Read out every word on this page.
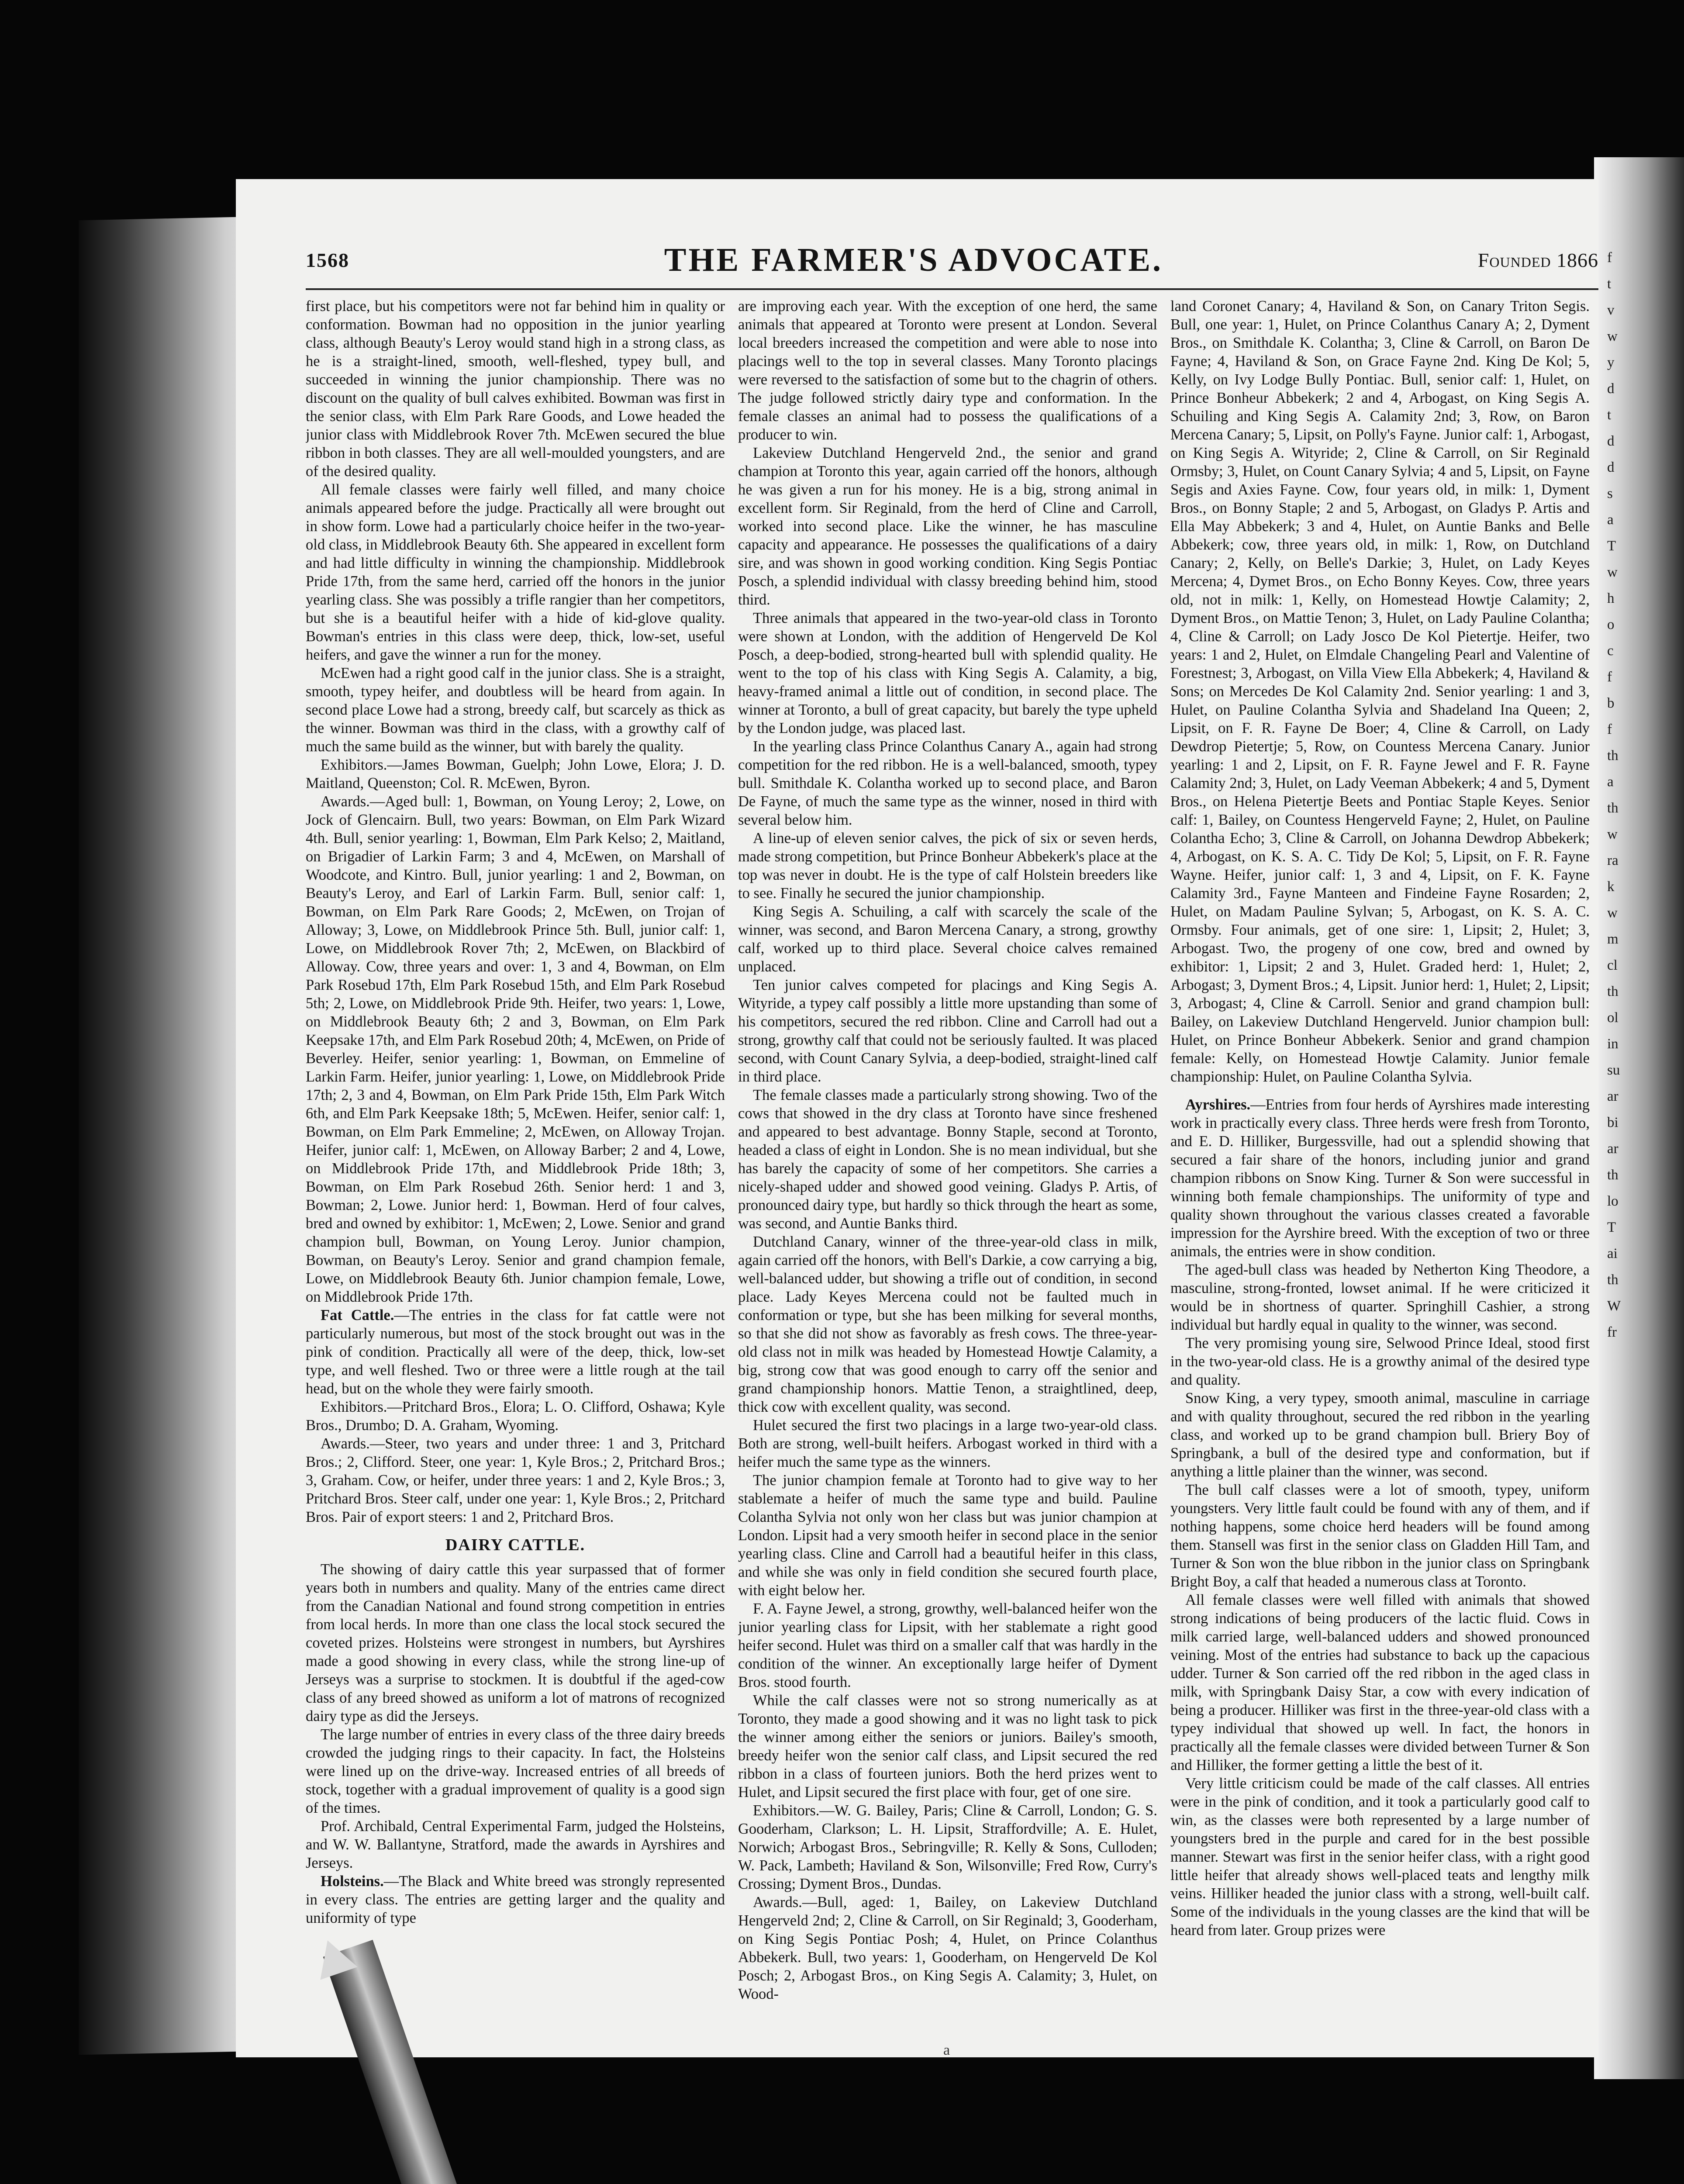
1568	THE FARMER'S ADVOCATE.	Founded 1866

first place, but his competitors were not far behind him in quality or conformation. Bowman had no opposition in the junior yearling class, although Beauty's Leroy would stand high in a strong class, as he is a straight-lined, smooth, well-fleshed, typey bull, and succeeded in winning the junior championship. There was no discount on the quality of bull calves exhibited. Bowman was first in the senior class, with Elm Park Rare Goods, and Lowe headed the junior class with Middlebrook Rover 7th. McEwen secured the blue ribbon in both classes. They are all well-moulded youngsters, and are of the desired quality.

All female classes were fairly well filled, and many choice animals appeared before the judge. Practically all were brought out in show form. Lowe had a particularly choice heifer in the two-year-old class, in Middlebrook Beauty 6th. She appeared in excellent form and had little difficulty in winning the championship. Middlebrook Pride 17th, from the same herd, carried off the honors in the junior yearling class. She was possibly a trifle rangier than her competitors, but she is a beautiful heifer with a hide of kid-glove quality. Bowman's entries in this class were deep, thick, low-set, useful heifers, and gave the winner a run for the money.

McEwen had a right good calf in the junior class. She is a straight, smooth, typey heifer, and doubtless will be heard from again. In second place Lowe had a strong, breedy calf, but scarcely as thick as the winner. Bowman was third in the class, with a growthy calf of much the same build as the winner, but with barely the quality.

Exhibitors.—James Bowman, Guelph; John Lowe, Elora; J. D. Maitland, Queenston; Col. R. McEwen, Byron.

Awards.—Aged bull: 1, Bowman, on Young Leroy; 2, Lowe, on Jock of Glencairn. Bull, two years: Bowman, on Elm Park Wizard 4th. Bull, senior yearling: 1, Bowman, Elm Park Kelso; 2, Maitland, on Brigadier of Larkin Farm; 3 and 4, McEwen, on Marshall of Woodcote, and Kintro. Bull, junior yearling: 1 and 2, Bowman, on Beauty's Leroy, and Earl of Larkin Farm. Bull, senior calf: 1, Bowman, on Elm Park Rare Goods; 2, McEwen, on Trojan of Alloway; 3, Lowe, on Middlebrook Prince 5th. Bull, junior calf: 1, Lowe, on Middlebrook Rover 7th; 2, McEwen, on Blackbird of Alloway. Cow, three years and over: 1, 3 and 4, Bowman, on Elm Park Rosebud 17th, Elm Park Rosebud 15th, and Elm Park Rosebud 5th; 2, Lowe, on Middlebrook Pride 9th. Heifer, two years: 1, Lowe, on Middlebrook Beauty 6th; 2 and 3, Bowman, on Elm Park Keepsake 17th, and Elm Park Rosebud 20th; 4, McEwen, on Pride of Beverley. Heifer, senior yearling: 1, Bowman, on Emmeline of Larkin Farm. Heifer, junior yearling: 1, Lowe, on Middlebrook Pride 17th; 2, 3 and 4, Bowman, on Elm Park Pride 15th, Elm Park Witch 6th, and Elm Park Keepsake 18th; 5, McEwen. Heifer, senior calf: 1, Bowman, on Elm Park Emmeline; 2, McEwen, on Alloway Trojan. Heifer, junior calf: 1, McEwen, on Alloway Barber; 2 and 4, Lowe, on Middlebrook Pride 17th, and Middlebrook Pride 18th; 3, Bowman, on Elm Park Rosebud 26th. Senior herd: 1 and 3, Bowman; 2, Lowe. Junior herd: 1, Bowman. Herd of four calves, bred and owned by exhibitor: 1, McEwen; 2, Lowe. Senior and grand champion bull, Bowman, on Young Leroy. Junior champion, Bowman, on Beauty's Leroy. Senior and grand champion female, Lowe, on Middlebrook Beauty 6th. Junior champion female, Lowe, on Middlebrook Pride 17th.

Fat Cattle.—The entries in the class for fat cattle were not particularly numerous, but most of the stock brought out was in the pink of condition. Practically all were of the deep, thick, low-set type, and well fleshed. Two or three were a little rough at the tail head, but on the whole they were fairly smooth.

Exhibitors.—Pritchard Bros., Elora; L. O. Clifford, Oshawa; Kyle Bros., Drumbo; D. A. Graham, Wyoming.

Awards.—Steer, two years and under three: 1 and 3, Pritchard Bros.; 2, Clifford. Steer, one year: 1, Kyle Bros.; 2, Pritchard Bros.; 3, Graham. Cow, or heifer, under three years: 1 and 2, Kyle Bros.; 3, Pritchard Bros. Steer calf, under one year: 1, Kyle Bros.; 2, Pritchard Bros. Pair of export steers: 1 and 2, Pritchard Bros.

DAIRY CATTLE.

The showing of dairy cattle this year surpassed that of former years both in numbers and quality. Many of the entries came direct from the Canadian National and found strong competition in entries from local herds. In more than one class the local stock secured the coveted prizes. Holsteins were strongest in numbers, but Ayrshires made a good showing in every class, while the strong line-up of Jerseys was a surprise to stockmen. It is doubtful if the aged-cow class of any breed showed as uniform a lot of matrons of recognized dairy type as did the Jerseys.

The large number of entries in every class of the three dairy breeds crowded the judging rings to their capacity. In fact, the Holsteins were lined up on the drive-way. Increased entries of all breeds of stock, together with a gradual improvement of quality is a good sign of the times.

Prof. Archibald, Central Experimental Farm, judged the Holsteins, and W. W. Ballantyne, Stratford, made the awards in Ayrshires and Jerseys.

Holsteins.—The Black and White breed was strongly represented in every class. The entries are getting larger and the quality and uniformity of type

are improving each year. With the exception of one herd, the same animals that appeared at Toronto were present at London. Several local breeders increased the competition and were able to nose into placings well to the top in several classes. Many Toronto placings were reversed to the satisfaction of some but to the chagrin of others. The judge followed strictly dairy type and conformation. In the female classes an animal had to possess the qualifications of a producer to win.

Lakeview Dutchland Hengerveld 2nd., the senior and grand champion at Toronto this year, again carried off the honors, although he was given a run for his money. He is a big, strong animal in excellent form. Sir Reginald, from the herd of Cline and Carroll, worked into second place. Like the winner, he has masculine capacity and appearance. He possesses the qualifications of a dairy sire, and was shown in good working condition. King Segis Pontiac Posch, a splendid individual with classy breeding behind him, stood third.

Three animals that appeared in the two-year-old class in Toronto were shown at London, with the addition of Hengerveld De Kol Posch, a deep-bodied, strong-hearted bull with splendid quality. He went to the top of his class with King Segis A. Calamity, a big, heavy-framed animal a little out of condition, in second place. The winner at Toronto, a bull of great capacity, but barely the type upheld by the London judge, was placed last.

In the yearling class Prince Colanthus Canary A., again had strong competition for the red ribbon. He is a well-balanced, smooth, typey bull. Smithdale K. Colantha worked up to second place, and Baron De Fayne, of much the same type as the winner, nosed in third with several below him.

A line-up of eleven senior calves, the pick of six or seven herds, made strong competition, but Prince Bonheur Abbekerk's place at the top was never in doubt. He is the type of calf Holstein breeders like to see. Finally he secured the junior championship.

King Segis A. Schuiling, a calf with scarcely the scale of the winner, was second, and Baron Mercena Canary, a strong, growthy calf, worked up to third place. Several choice calves remained unplaced.

Ten junior calves competed for placings and King Segis A. Wityride, a typey calf possibly a little more upstanding than some of his competitors, secured the red ribbon. Cline and Carroll had out a strong, growthy calf that could not be seriously faulted. It was placed second, with Count Canary Sylvia, a deep-bodied, straight-lined calf in third place.

The female classes made a particularly strong showing. Two of the cows that showed in the dry class at Toronto have since freshened and appeared to best advantage. Bonny Staple, second at Toronto, headed a class of eight in London. She is no mean individual, but she has barely the capacity of some of her competitors. She carries a nicely-shaped udder and showed good veining. Gladys P. Artis, of pronounced dairy type, but hardly so thick through the heart as some, was second, and Auntie Banks third.

Dutchland Canary, winner of the three-year-old class in milk, again carried off the honors, with Bell's Darkie, a cow carrying a big, well-balanced udder, but showing a trifle out of condition, in second place. Lady Keyes Mercena could not be faulted much in conformation or type, but she has been milking for several months, so that she did not show as favorably as fresh cows. The three-year-old class not in milk was headed by Homestead Howtje Calamity, a big, strong cow that was good enough to carry off the senior and grand championship honors. Mattie Tenon, a straightlined, deep, thick cow with excellent quality, was second.

Hulet secured the first two placings in a large two-year-old class. Both are strong, well-built heifers. Arbogast worked in third with a heifer much the same type as the winners.

The junior champion female at Toronto had to give way to her stablemate a heifer of much the same type and build. Pauline Colantha Sylvia not only won her class but was junior champion at London. Lipsit had a very smooth heifer in second place in the senior yearling class. Cline and Carroll had a beautiful heifer in this class, and while she was only in field condition she secured fourth place, with eight below her.

F. A. Fayne Jewel, a strong, growthy, well-balanced heifer won the junior yearling class for Lipsit, with her stablemate a right good heifer second. Hulet was third on a smaller calf that was hardly in the condition of the winner. An exceptionally large heifer of Dyment Bros. stood fourth.

While the calf classes were not so strong numerically as at Toronto, they made a good showing and it was no light task to pick the winner among either the seniors or juniors. Bailey's smooth, breedy heifer won the senior calf class, and Lipsit secured the red ribbon in a class of fourteen juniors. Both the herd prizes went to Hulet, and Lipsit secured the first place with four, get of one sire.

Exhibitors.—W. G. Bailey, Paris; Cline & Carroll, London; G. S. Gooderham, Clarkson; L. H. Lipsit, Straffordville; A. E. Hulet, Norwich; Arbogast Bros., Sebringville; R. Kelly & Sons, Culloden; W. Pack, Lambeth; Haviland & Son, Wilsonville; Fred Row, Curry's Crossing; Dyment Bros., Dundas.

Awards.—Bull, aged: 1, Bailey, on Lakeview Dutchland Hengerveld 2nd; 2, Cline & Carroll, on Sir Reginald; 3, Gooderham, on King Segis Pontiac Posh; 4, Hulet, on Prince Colanthus Abbekerk. Bull, two years: 1, Gooderham, on Hengerveld De Kol Posch; 2, Arbogast Bros., on King Segis A. Calamity; 3, Hulet, on Wood-

a

land Coronet Canary; 4, Haviland & Son, on Canary Triton Segis. Bull, one year: 1, Hulet, on Prince Colanthus Canary A; 2, Dyment Bros., on Smithdale K. Colantha; 3, Cline & Carroll, on Baron De Fayne; 4, Haviland & Son, on Grace Fayne 2nd. King De Kol; 5, Kelly, on Ivy Lodge Bully Pontiac. Bull, senior calf: 1, Hulet, on Prince Bonheur Abbekerk; 2 and 4, Arbogast, on King Segis A. Schuiling and King Segis A. Calamity 2nd; 3, Row, on Baron Mercena Canary; 5, Lipsit, on Polly's Fayne. Junior calf: 1, Arbogast, on King Segis A. Wityride; 2, Cline & Carroll, on Sir Reginald Ormsby; 3, Hulet, on Count Canary Sylvia; 4 and 5, Lipsit, on Fayne Segis and Axies Fayne. Cow, four years old, in milk: 1, Dyment Bros., on Bonny Staple; 2 and 5, Arbogast, on Gladys P. Artis and Ella May Abbekerk; 3 and 4, Hulet, on Auntie Banks and Belle Abbekerk; cow, three years old, in milk: 1, Row, on Dutchland Canary; 2, Kelly, on Belle's Darkie; 3, Hulet, on Lady Keyes Mercena; 4, Dymet Bros., on Echo Bonny Keyes. Cow, three years old, not in milk: 1, Kelly, on Homestead Howtje Calamity; 2, Dyment Bros., on Mattie Tenon; 3, Hulet, on Lady Pauline Colantha; 4, Cline & Carroll; on Lady Josco De Kol Pietertje. Heifer, two years: 1 and 2, Hulet, on Elmdale Changeling Pearl and Valentine of Forestnest; 3, Arbogast, on Villa View Ella Abbekerk; 4, Haviland & Sons; on Mercedes De Kol Calamity 2nd. Senior yearling: 1 and 3, Hulet, on Pauline Colantha Sylvia and Shadeland Ina Queen; 2, Lipsit, on F. R. Fayne De Boer; 4, Cline & Carroll, on Lady Dewdrop Pietertje; 5, Row, on Countess Mercena Canary. Junior yearling: 1 and 2, Lipsit, on F. R. Fayne Jewel and F. R. Fayne Calamity 2nd; 3, Hulet, on Lady Veeman Abbekerk; 4 and 5, Dyment Bros., on Helena Pietertje Beets and Pontiac Staple Keyes. Senior calf: 1, Bailey, on Countess Hengerveld Fayne; 2, Hulet, on Pauline Colantha Echo; 3, Cline & Carroll, on Johanna Dewdrop Abbekerk; 4, Arbogast, on K. S. A. C. Tidy De Kol; 5, Lipsit, on F. R. Fayne Wayne. Heifer, junior calf: 1, 3 and 4, Lipsit, on F. K. Fayne Calamity 3rd., Fayne Manteen and Findeine Fayne Rosarden; 2, Hulet, on Madam Pauline Sylvan; 5, Arbogast, on K. S. A. C. Ormsby. Four animals, get of one sire: 1, Lipsit; 2, Hulet; 3, Arbogast. Two, the progeny of one cow, bred and owned by exhibitor: 1, Lipsit; 2 and 3, Hulet. Graded herd: 1, Hulet; 2, Arbogast; 3, Dyment Bros.; 4, Lipsit. Junior herd: 1, Hulet; 2, Lipsit; 3, Arbogast; 4, Cline & Carroll. Senior and grand champion bull: Bailey, on Lakeview Dutchland Hengerveld. Junior champion bull: Hulet, on Prince Bonheur Abbekerk. Senior and grand champion female: Kelly, on Homestead Howtje Calamity. Junior female championship: Hulet, on Pauline Colantha Sylvia.

Ayrshires.—Entries from four herds of Ayrshires made interesting work in practically every class. Three herds were fresh from Toronto, and E. D. Hilliker, Burgessville, had out a splendid showing that secured a fair share of the honors, including junior and grand champion ribbons on Snow King. Turner & Son were successful in winning both female championships. The uniformity of type and quality shown throughout the various classes created a favorable impression for the Ayrshire breed. With the exception of two or three animals, the entries were in show condition.

The aged-bull class was headed by Netherton King Theodore, a masculine, strong-fronted, lowset animal. If he were criticized it would be in shortness of quarter. Springhill Cashier, a strong individual but hardly equal in quality to the winner, was second.

The very promising young sire, Selwood Prince Ideal, stood first in the two-year-old class. He is a growthy animal of the desired type and quality.

Snow King, a very typey, smooth animal, masculine in carriage and with quality throughout, secured the red ribbon in the yearling class, and worked up to be grand champion bull. Briery Boy of Springbank, a bull of the desired type and conformation, but if anything a little plainer than the winner, was second.

The bull calf classes were a lot of smooth, typey, uniform youngsters. Very little fault could be found with any of them, and if nothing happens, some choice herd headers will be found among them. Stansell was first in the senior class on Gladden Hill Tam, and Turner & Son won the blue ribbon in the junior class on Springbank Bright Boy, a calf that headed a numerous class at Toronto.

All female classes were well filled with animals that showed strong indications of being producers of the lactic fluid. Cows in milk carried large, well-balanced udders and showed pronounced veining. Most of the entries had substance to back up the capacious udder. Turner & Son carried off the red ribbon in the aged class in milk, with Springbank Daisy Star, a cow with every indication of being a producer. Hilliker was first in the three-year-old class with a typey individual that showed up well. In fact, the honors in practically all the female classes were divided between Turner & Son and Hilliker, the former getting a little the best of it.

Very little criticism could be made of the calf classes. All entries were in the pink of condition, and it took a particularly good calf to win, as the classes were both represented by a large number of youngsters bred in the purple and cared for in the best possible manner. Stewart was first in the senior heifer class, with a right good little heifer that already shows well-placed teats and lengthy milk veins. Hilliker headed the junior class with a strong, well-built calf. Some of the individuals in the young classes are the kind that will be heard from later. Group prizes were

f
t
v
w
y
d
t
d
d
s
a
T
w
h
o
c
f
b
f
th
a
th
w
ra
k
w
m
cl
th
ol
in
su
ar
bi
ar
th
lo
T
ai
th
W
fr
